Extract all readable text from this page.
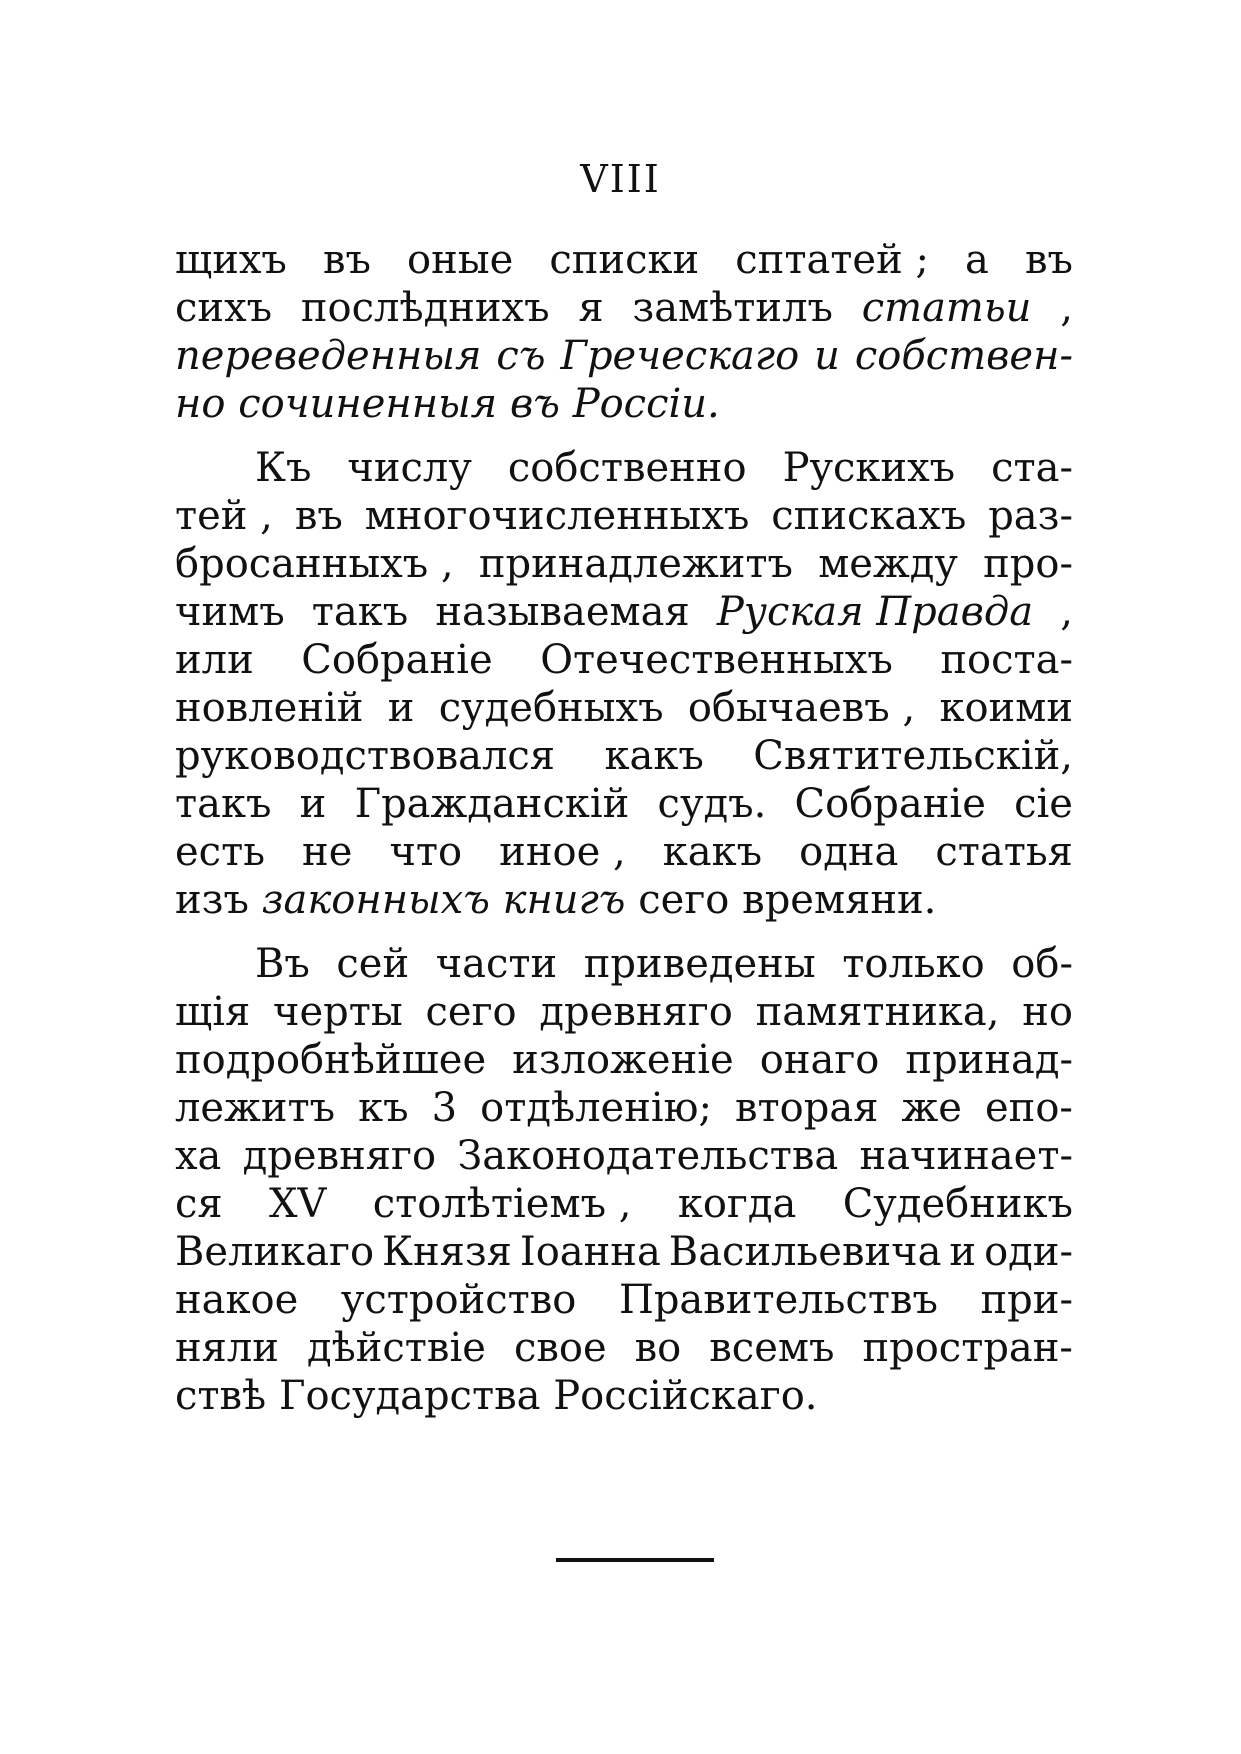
VIII
щихъ въ оные списки сптатей ; а въ
сихъ послѣднихъ я замѣтилъ статьи ,
переведенныя съ Греческаго и собствен-
но сочиненныя въ Россiи.
Къ числу собственно Рускихъ ста-
тей , въ многочисленныхъ спискахъ раз-
бросанныхъ , принадлежитъ между про-
чимъ такъ называемая Руская Правда ,
или Собранiе Отечественныхъ поста-
новленiй и судебныхъ обычаевъ , коими
руководствовался какъ Святительскiй,
такъ и Гражданскiй судъ. Собранiе сiе
есть не что иное , какъ одна статья
изъ законныхъ книгъ сего времяни.
Въ сей части приведены только об-
щiя черты сего древняго памятника, но
подробнѣйшее изложенiе онаго принад-
лежитъ къ 3 отдѣленiю; вторая же епо-
ха древняго Законодательства начинает-
ся XV столѣтiемъ , когда Судебникъ
Великаго Князя Iоанна Васильевича и оди-
накое устройство Правительствъ при-
няли дѣйствiе свое во всемъ простран-
ствѣ Государства Россiйскаго.
